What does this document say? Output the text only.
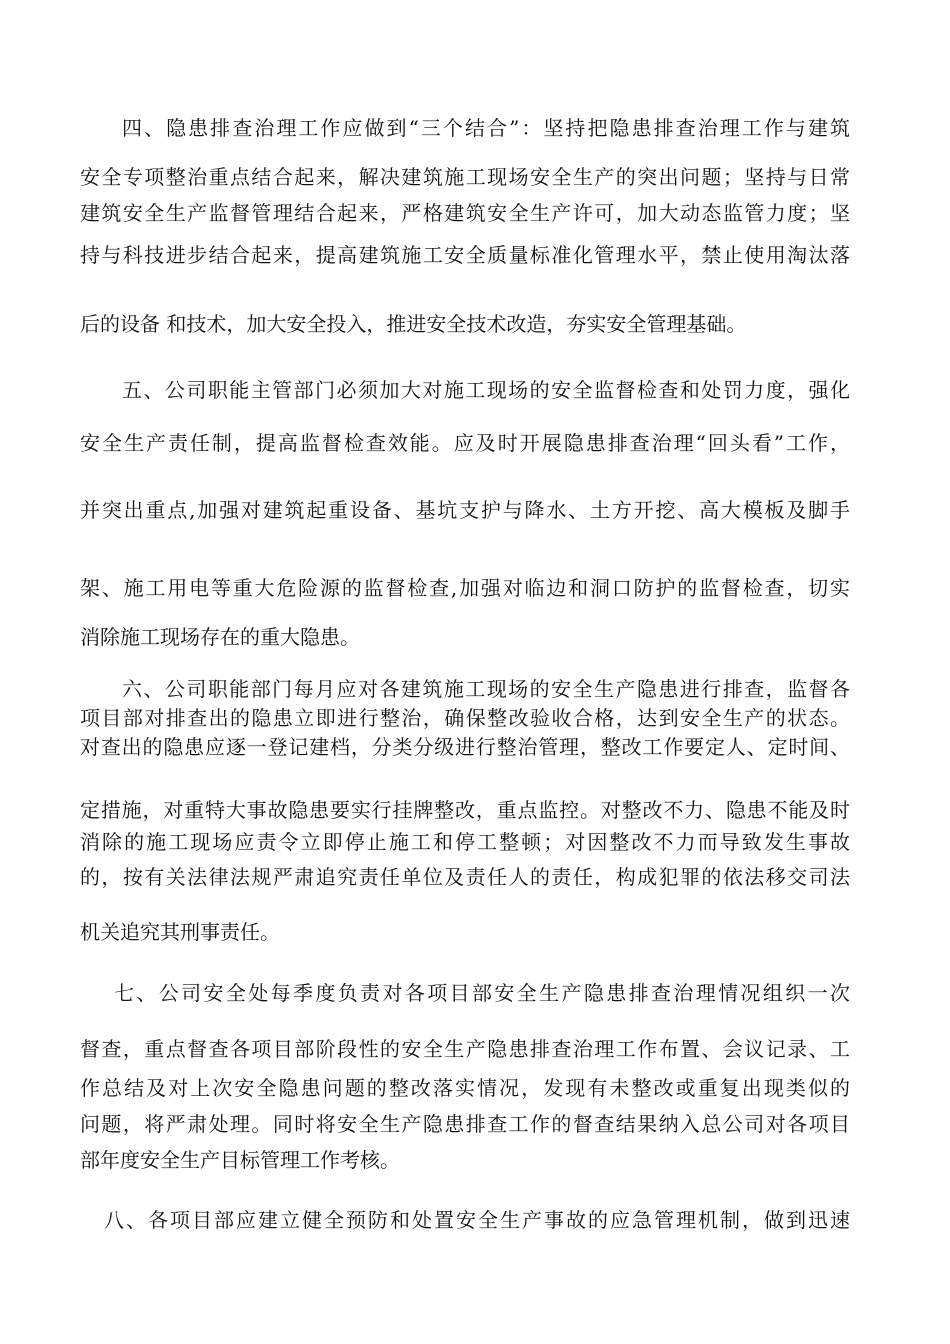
四、隐患排查治理工作应做到“三个结合”：坚持把隐患排查治理工作与建筑
安全专项整治重点结合起来，解决建筑施工现场安全生产的突出问题；坚持与日常
建筑安全生产监督管理结合起来，严格建筑安全生产许可，加大动态监管力度；坚
持与科技进步结合起来，提高建筑施工安全质量标准化管理水平，禁止使用淘汰落
后的设备 和技术，加大安全投入，推进安全技术改造，夯实安全管理基础。
五、公司职能主管部门必须加大对施工现场的安全监督检查和处罚力度，强化
安全生产责任制，提高监督检查效能。应及时开展隐患排查治理“回头看”工作，
并突出重点,加强对建筑起重设备、基坑支护与降水、土方开挖、高大模板及脚手
架、施工用电等重大危险源的监督检查,加强对临边和洞口防护的监督检查，切实
消除施工现场存在的重大隐患。
六、公司职能部门每月应对各建筑施工现场的安全生产隐患进行排查，监督各
项目部对排查出的隐患立即进行整治，确保整改验收合格，达到安全生产的状态。
对查出的隐患应逐一登记建档，分类分级进行整治管理，整改工作要定人、定时间、
定措施，对重特大事故隐患要实行挂牌整改，重点监控。对整改不力、隐患不能及时
消除的施工现场应责令立即停止施工和停工整顿；对因整改不力而导致发生事故
的，按有关法律法规严肃追究责任单位及责任人的责任，构成犯罪的依法移交司法
机关追究其刑事责任。
七、公司安全处每季度负责对各项目部安全生产隐患排查治理情况组织一次
督查，重点督查各项目部阶段性的安全生产隐患排查治理工作布置、会议记录、工
作总结及对上次安全隐患问题的整改落实情况，发现有未整改或重复出现类似的
问题，将严肃处理。同时将安全生产隐患排查工作的督查结果纳入总公司对各项目
部年度安全生产目标管理工作考核。
八、各项目部应建立健全预防和处置安全生产事故的应急管理机制，做到迅速
